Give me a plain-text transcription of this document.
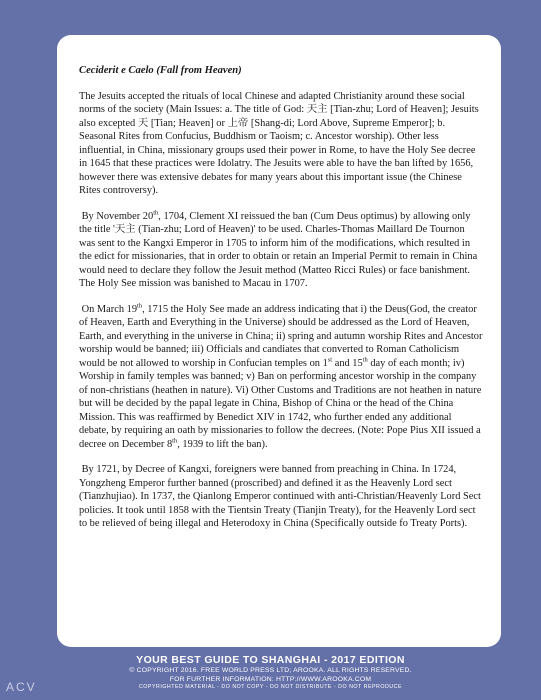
Ceciderit e Caelo (Fall from Heaven)

The Jesuits accepted the rituals of local Chinese and adapted Christianity around these social norms of the society (Main Issues: a. The title of God: 天主 [Tian-zhu; Lord of Heaven]; Jesuits also excepted 天 [Tian; Heaven] or 上帝 [Shang-di; Lord Above, Supreme Emperor]; b. Seasonal Rites from Confucius, Buddhism or Taoism; c. Ancestor worship). Other less influential, in China, missionary groups used their power in Rome, to have the Holy See decree in 1645 that these practices were Idolatry. The Jesuits were able to have the ban lifted by 1656, however there was extensive debates for many years about this important issue (the Chinese Rites controversy).

By November 20th, 1704, Clement XI reissued the ban (Cum Deus optimus) by allowing only the title '天主 (Tian-zhu; Lord of Heaven)' to be used. Charles-Thomas Maillard De Tournon was sent to the Kangxi Emperor in 1705 to inform him of the modifications, which resulted in the edict for missionaries, that in order to obtain or retain an Imperial Permit to remain in China would need to declare they follow the Jesuit method (Matteo Ricci Rules) or face banishment. The Holy See mission was banished to Macau in 1707.

On March 19th, 1715 the Holy See made an address indicating that i) the Deus(God, the creator of Heaven, Earth and Everything in the Universe) should be addressed as the Lord of Heaven, Earth, and everything in the universe in China; ii) spring and autumn worship Rites and Ancestor worship would be banned; iii) Officials and candiates that converted to Roman Catholicism would be not allowed to worship in Confucian temples on 1st and 15th day of each month; iv) Worship in family temples was banned; v) Ban on performing ancestor worship in the company of non-christians (heathen in nature). Vi) Other Customs and Traditions are not heathen in nature but will be decided by the papal legate in China, Bishop of China or the head of the China Mission. This was reaffirmed by Benedict XIV in 1742, who further ended any additional debate, by requiring an oath by missionaries to follow the decrees. (Note: Pope Pius XII issued a decree on December 8th, 1939 to lift the ban).

By 1721, by Decree of Kangxi, foreigners were banned from preaching in China. In 1724, Yongzheng Emperor further banned (proscribed) and defined it as the Heavenly Lord sect (Tianzhujiao). In 1737, the Qianlong Emperor continued with anti-Christian/Heavenly Lord Sect policies. It took until 1858 with the Tientsin Treaty (Tianjin Treaty), for the Heavenly Lord sect to be relieved of being illegal and Heterodoxy in China (Specifically outside fo Treaty Ports).

YOUR BEST GUIDE TO SHANGHAI - 2017 EDITION
© COPYRIGHT 2016. FREE WORLD PRESS LTD; AROOKA. ALL RIGHTS RESERVED.
FOR FURTHER INFORMATION: HTTP://WWW.AROOKA.COM
COPYRIGHTED MATERIAL - DO NOT COPY - DO NOT DISTRIBUTE - DO NOT REPRODUCE
ACV
